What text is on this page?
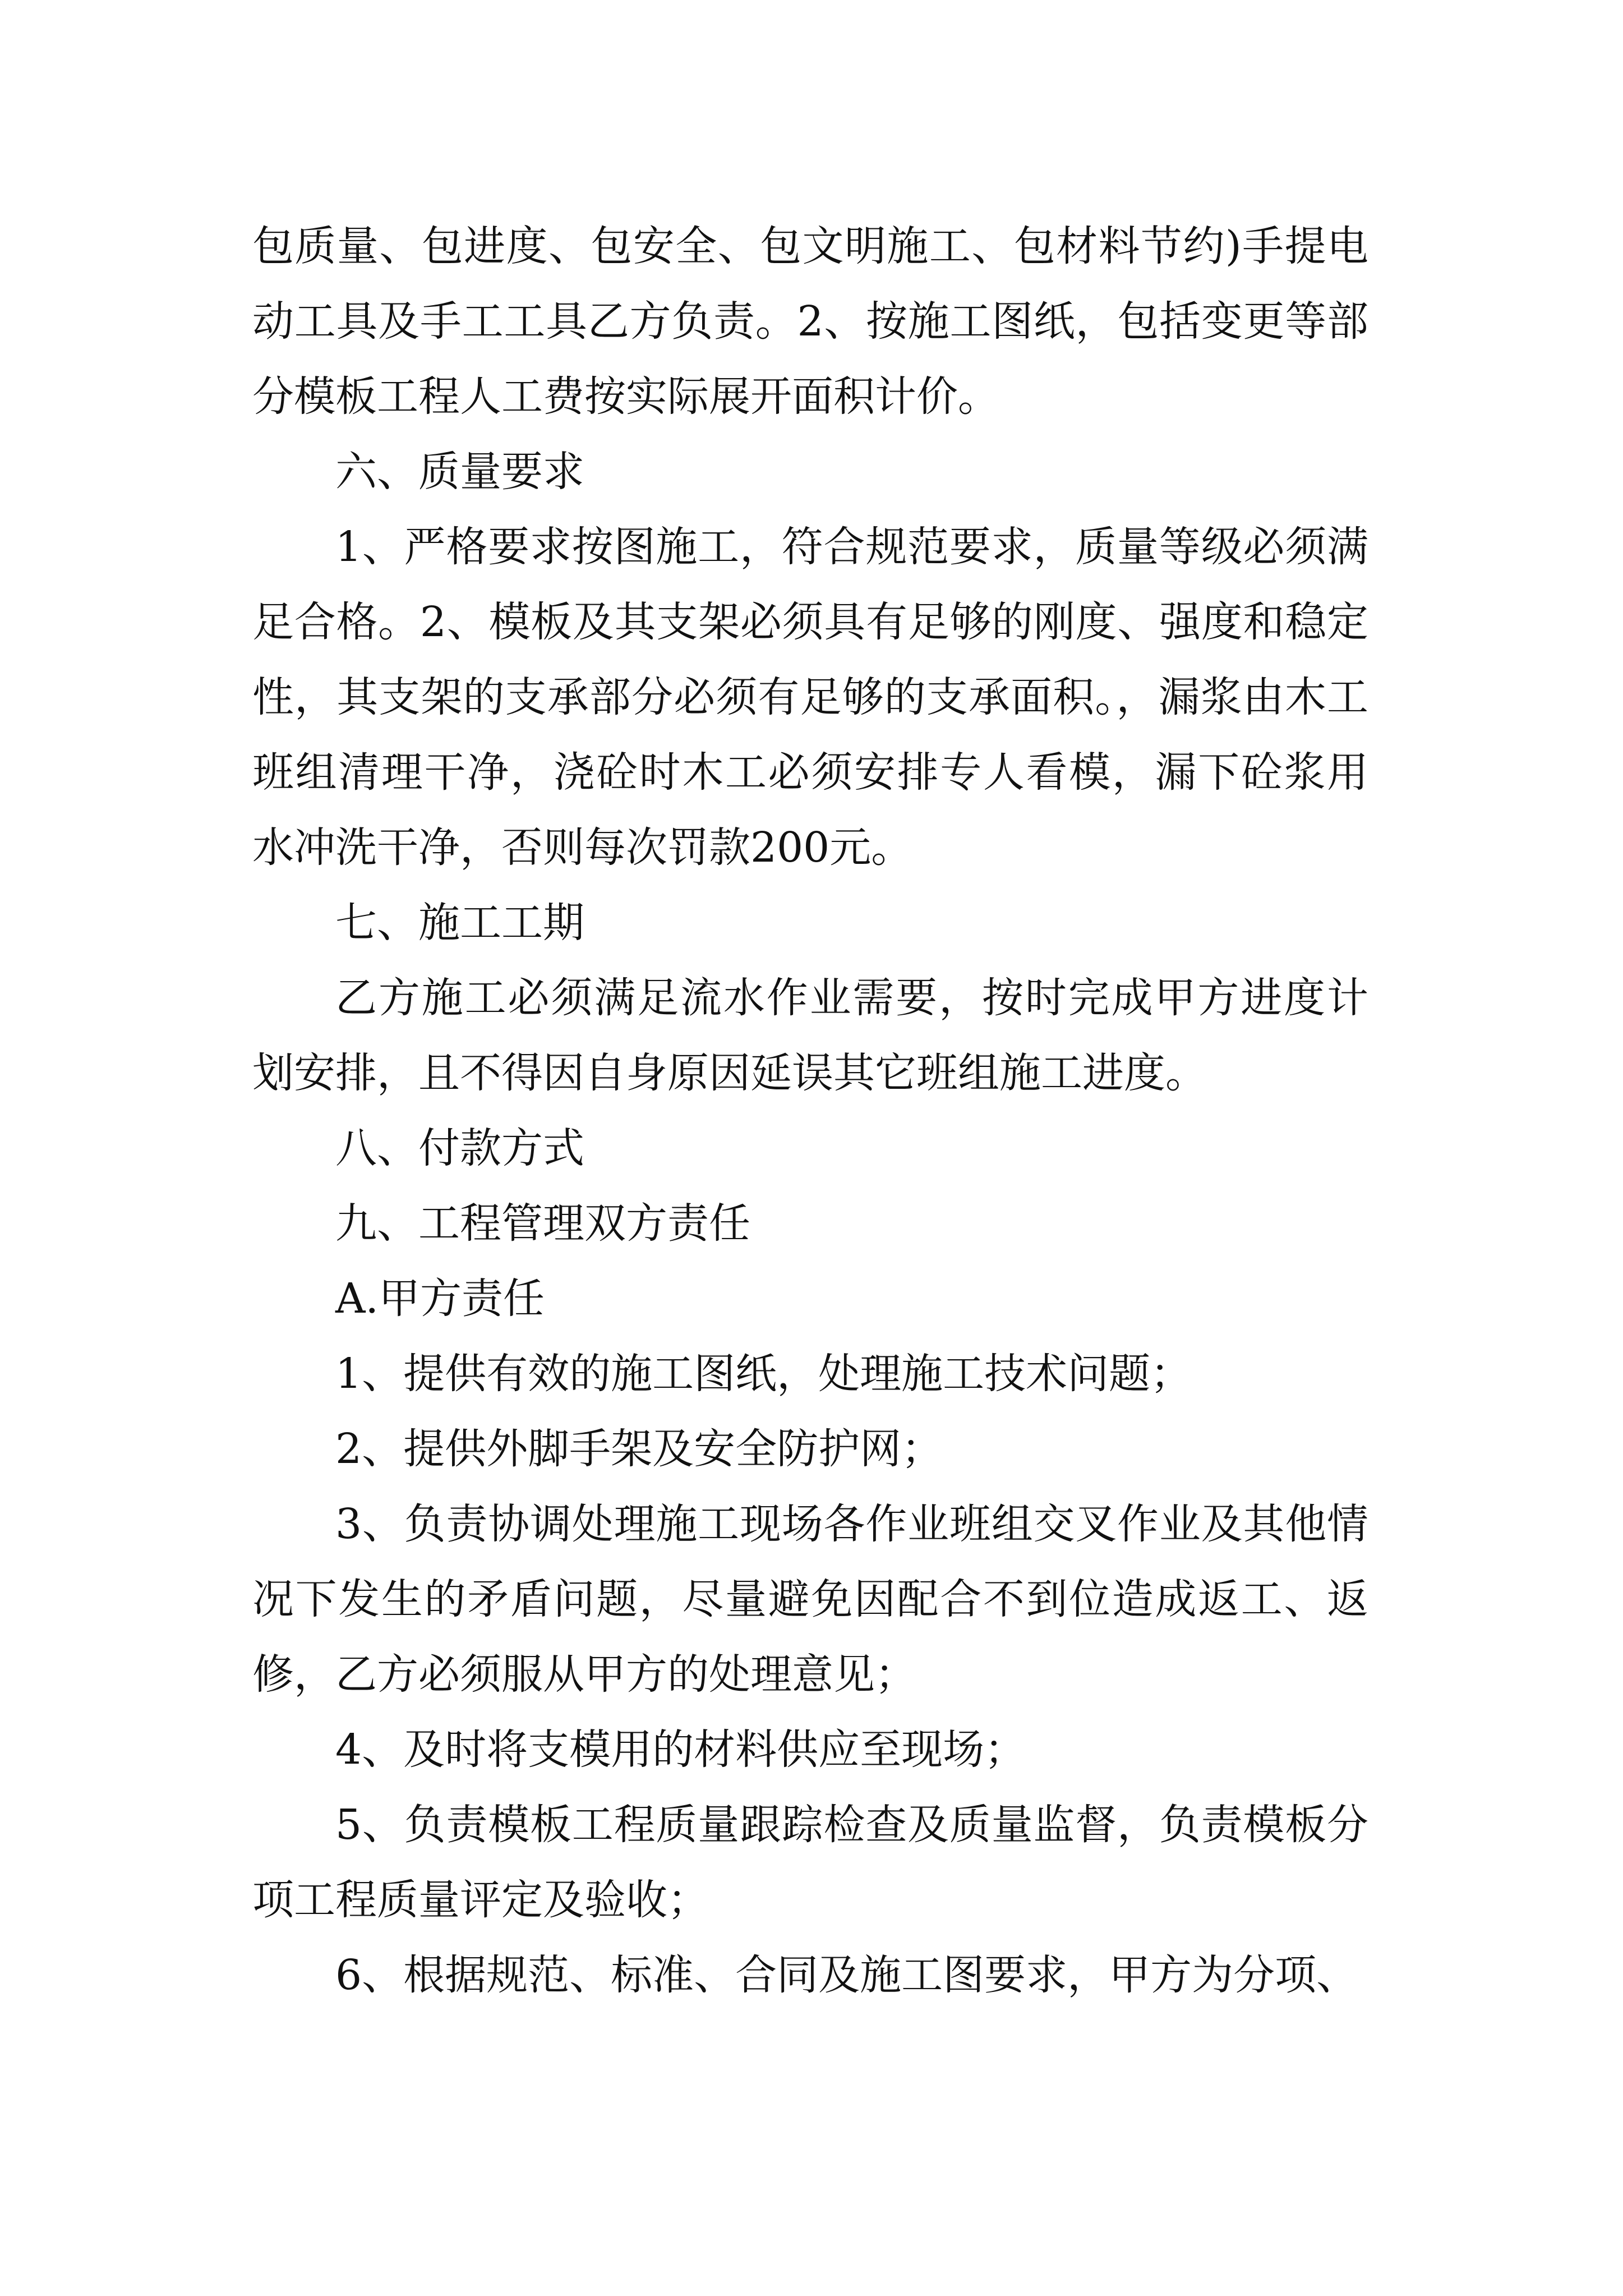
包质量、包进度、包安全、包文明施工、包材料节约)手提电动工具及手工工具乙方负责。2、按施工图纸，包括变更等部分模板工程人工费按实际展开面积计价。

六、质量要求

1、严格要求按图施工，符合规范要求，质量等级必须满足合格。2、模板及其支架必须具有足够的刚度、强度和稳定性，其支架的支承部分必须有足够的支承面积。，漏浆由木工班组清理干净，浇砼时木工必须安排专人看模，漏下砼浆用水冲洗干净，否则每次罚款200元。

七、施工工期

乙方施工必须满足流水作业需要，按时完成甲方进度计划安排，且不得因自身原因延误其它班组施工进度。

八、付款方式

九、工程管理双方责任

A.甲方责任

1、提供有效的施工图纸，处理施工技术问题；

2、提供外脚手架及安全防护网；

3、负责协调处理施工现场各作业班组交叉作业及其他情况下发生的矛盾问题，尽量避免因配合不到位造成返工、返修，乙方必须服从甲方的处理意见；

4、及时将支模用的材料供应至现场；

5、负责模板工程质量跟踪检查及质量监督，负责模板分项工程质量评定及验收；

6、根据规范、标准、合同及施工图要求，甲方为分项、
